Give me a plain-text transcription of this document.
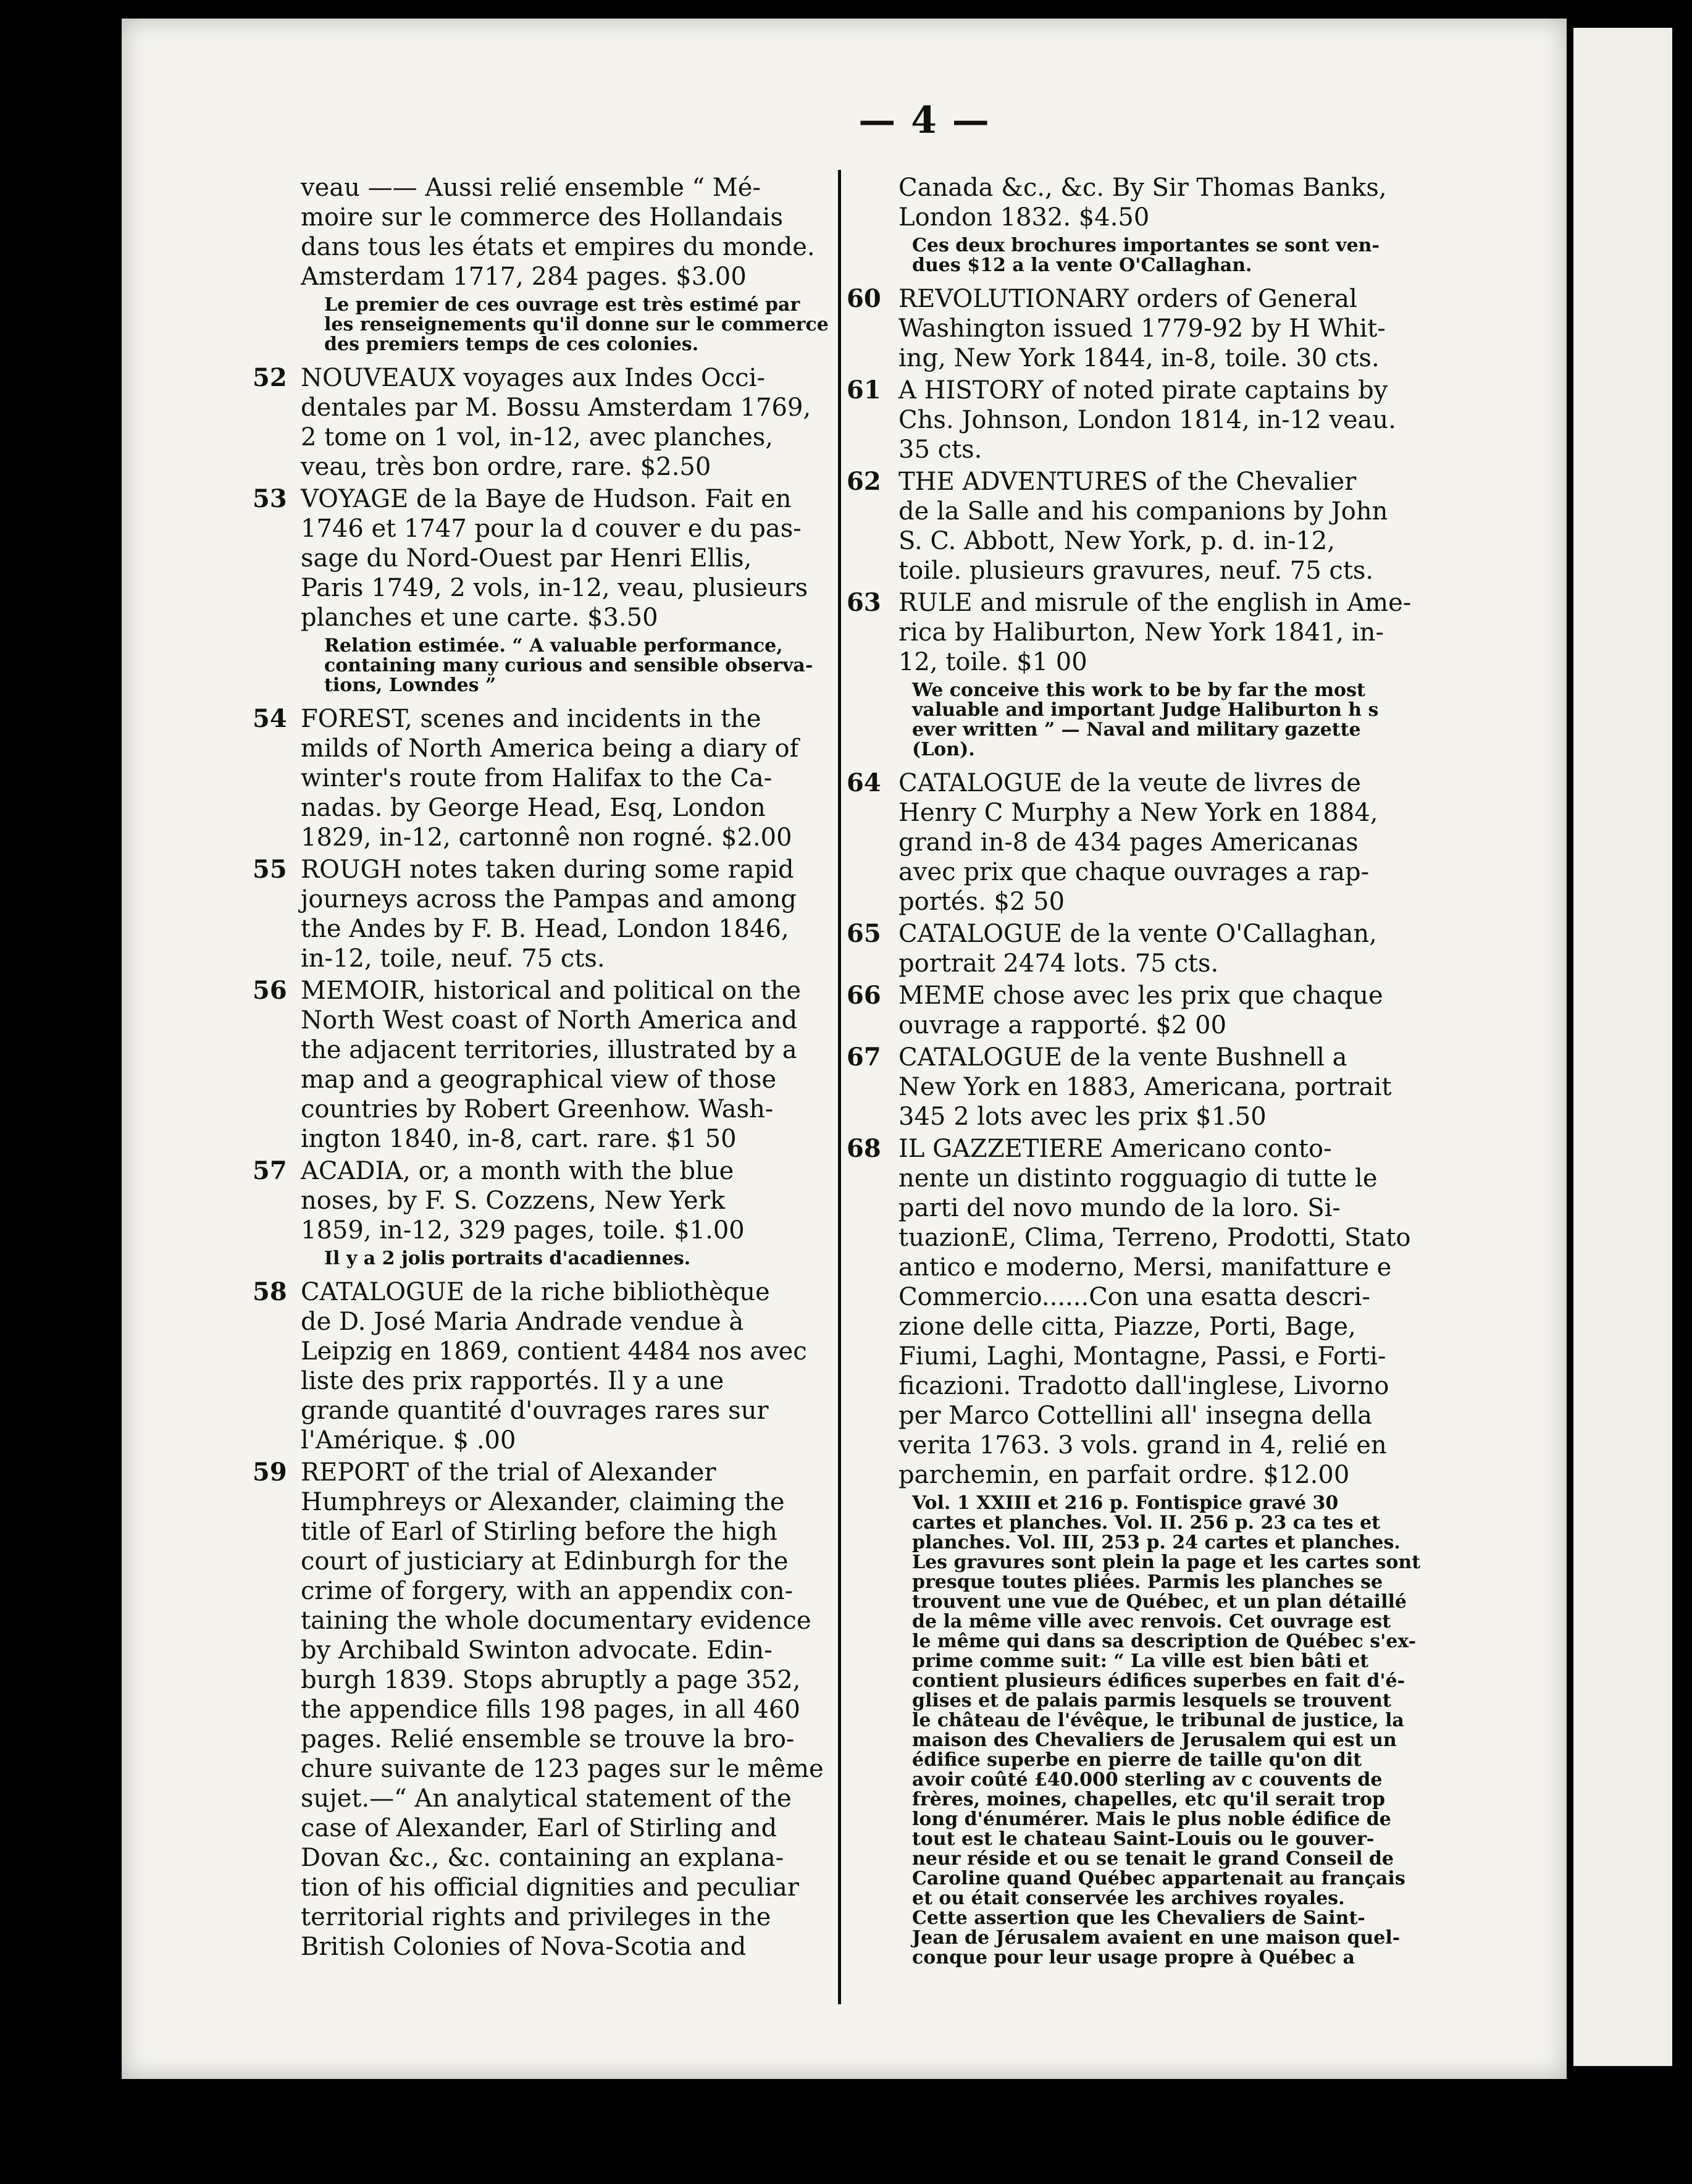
— 4 —
veau —— Aussi relié ensemble “ Mé-
moire sur le commerce des Hollandais
dans tous les états et empires du monde.
Amsterdam 1717, 284 pages. $3.00
Le premier de ces ouvrage est très estimé par
les renseignements qu'il donne sur le commerce
des premiers temps de ces colonies.
52 NOUVEAUX voyages aux Indes Occi-
dentales par M. Bossu Amsterdam 1769,
2 tome on 1 vol, in-12, avec planches,
veau, très bon ordre, rare. $2.50
53 VOYAGE de la Baye de Hudson. Fait en
1746 et 1747 pour la d couver e du pas-
sage du Nord-Ouest par Henri Ellis,
Paris 1749, 2 vols, in-12, veau, plusieurs
planches et une carte. $3.50
Relation estimée. “ A valuable performance,
containing many curious and sensible observa-
tions, Lowndes ”
54 FOREST, scenes and incidents in the
milds of North America being a diary of
winter's route from Halifax to the Ca-
nadas. by George Head, Esq, London
1829, in-12, cartonnê non rogné. $2.00
55 ROUGH notes taken during some rapid
journeys across the Pampas and among
the Andes by F. B. Head, London 1846,
in-12, toile, neuf. 75 cts.
56 MEMOIR, historical and political on the
North West coast of North America and
the adjacent territories, illustrated by a
map and a geographical view of those
countries by Robert Greenhow. Wash-
ington 1840, in-8, cart. rare. $1 50
57 ACADIA, or, a month with the blue
noses, by F. S. Cozzens, New Yerk
1859, in-12, 329 pages, toile. $1.00
Il y a 2 jolis portraits d'acadiennes.
58 CATALOGUE de la riche bibliothèque
de D. José Maria Andrade vendue à
Leipzig en 1869, contient 4484 nos avec
liste des prix rapportés. Il y a une
grande quantité d'ouvrages rares sur
l'Amérique. $ .00
59 REPORT of the trial of Alexander
Humphreys or Alexander, claiming the
title of Earl of Stirling before the high
court of justiciary at Edinburgh for the
crime of forgery, with an appendix con-
taining the whole documentary evidence
by Archibald Swinton advocate. Edin-
burgh 1839. Stops abruptly a page 352,
the appendice fills 198 pages, in all 460
pages. Relié ensemble se trouve la bro-
chure suivante de 123 pages sur le même
sujet.—“ An analytical statement of the
case of Alexander, Earl of Stirling and
Dovan &c., &c. containing an explana-
tion of his official dignities and peculiar
territorial rights and privileges in the
British Colonies of Nova-Scotia and
Canada &c., &c. By Sir Thomas Banks,
London 1832. $4.50
Ces deux brochures importantes se sont ven-
dues $12 a la vente O'Callaghan.
60 REVOLUTIONARY orders of General
Washington issued 1779-92 by H Whit-
ing, New York 1844, in-8, toile. 30 cts.
61 A HISTORY of noted pirate captains by
Chs. Johnson, London 1814, in-12 veau.
35 cts.
62 THE ADVENTURES of the Chevalier
de la Salle and his companions by John
S. C. Abbott, New York, p. d. in-12,
toile. plusieurs gravures, neuf. 75 cts.
63 RULE and misrule of the english in Ame-
rica by Haliburton, New York 1841, in-
12, toile. $1 00
We conceive this work to be by far the most
valuable and important Judge Haliburton h s
ever written ” — Naval and military gazette
(Lon).
64 CATALOGUE de la veute de livres de
Henry C Murphy a New York en 1884,
grand in-8 de 434 pages Americanas
avec prix que chaque ouvrages a rap-
portés. $2 50
65 CATALOGUE de la vente O'Callaghan,
portrait 2474 lots. 75 cts.
66 MEME chose avec les prix que chaque
ouvrage a rapporté. $2 00
67 CATALOGUE de la vente Bushnell a
New York en 1883, Americana, portrait
345 2 lots avec les prix $1.50
68 IL GAZZETIERE Americano conto-
nente un distinto rogguagio di tutte le
parti del novo mundo de la loro. Si-
tuazionE, Clima, Terreno, Prodotti, Stato
antico e moderno, Mersi, manifatture e
Commercio......Con una esatta descri-
zione delle citta, Piazze, Porti, Bage,
Fiumi, Laghi, Montagne, Passi, e Forti-
ficazioni. Tradotto dall'inglese, Livorno
per Marco Cottellini all' insegna della
verita 1763. 3 vols. grand in 4, relié en
parchemin, en parfait ordre. $12.00
Vol. 1 XXIII et 216 p. Fontispice gravé 30
cartes et planches. Vol. II. 256 p. 23 ca tes et
planches. Vol. III, 253 p. 24 cartes et planches.
Les gravures sont plein la page et les cartes sont
presque toutes pliées. Parmis les planches se
trouvent une vue de Québec, et un plan détaillé
de la même ville avec renvois. Cet ouvrage est
le même qui dans sa description de Québec s'ex-
prime comme suit: “ La ville est bien bâti et
contient plusieurs édifices superbes en fait d'é-
glises et de palais parmis lesquels se trouvent
le château de l'évêque, le tribunal de justice, la
maison des Chevaliers de Jerusalem qui est un
édifice superbe en pierre de taille qu'on dit
avoir coûté £40.000 sterling av c couvents de
frères, moines, chapelles, etc qu'il serait trop
long d'énumérer. Mais le plus noble édifice de
tout est le chateau Saint-Louis ou le gouver-
neur réside et ou se tenait le grand Conseil de
Caroline quand Québec appartenait au français
et ou était conservée les archives royales.
Cette assertion que les Chevaliers de Saint-
Jean de Jérusalem avaient en une maison quel-
conque pour leur usage propre à Québec a
